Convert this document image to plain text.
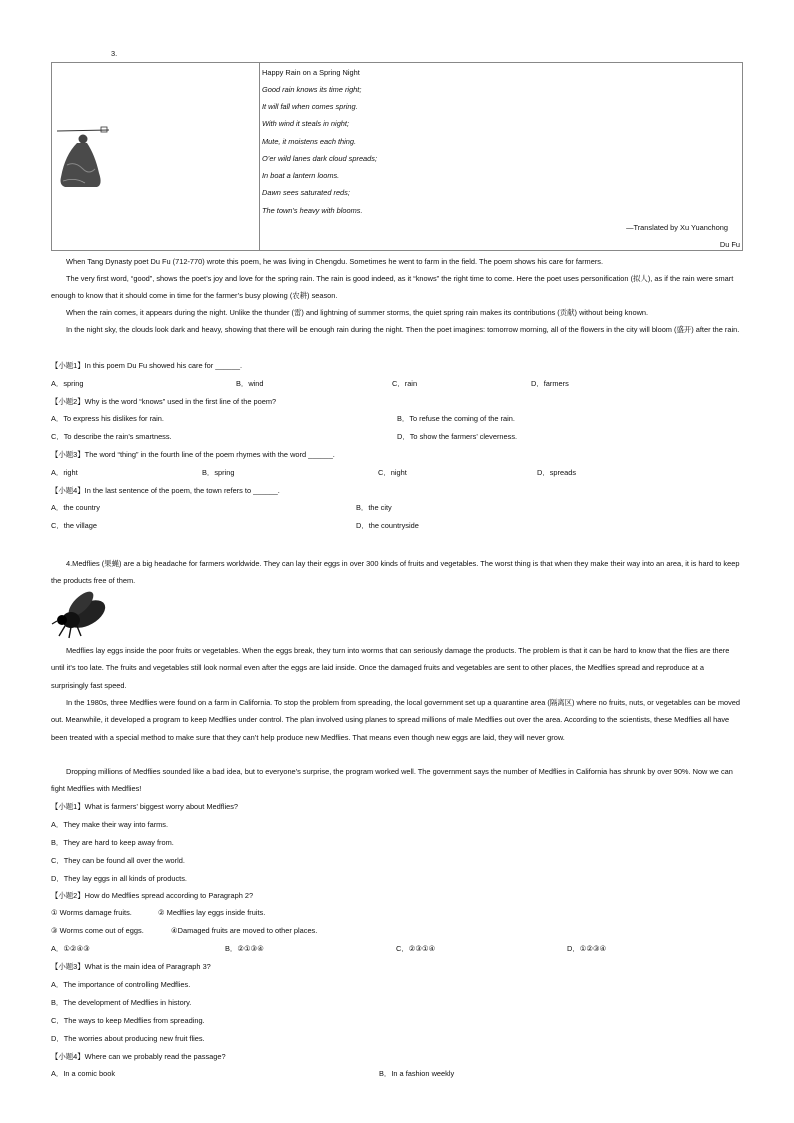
3.
Happy Rain on a Spring Night
Good rain knows its time right;
It will fall when comes spring.
With wind it steals in night;
Mute, it moistens each thing.
O’er wild lanes dark cloud spreads;
In boat a lantern looms.
Dawn sees saturated reds;
The town’s heavy with blooms.
—Translated by Xu Yuanchong
Du Fu
When Tang Dynasty poet Du Fu (712-770) wrote this poem, he was living in Chengdu. Sometimes he went to farm in the field. The poem shows his care for farmers.
The very first word, “good”, shows the poet’s joy and love for the spring rain. The rain is good indeed, as it “knows” the right time to come. Here the poet uses personification (拟人), as if the rain were smart enough to know that it should come in time for the farmer’s busy plowing (农耕) season.
When the rain comes, it appears during the night. Unlike the thunder (雷) and lightning of summer storms, the quiet spring rain makes its contributions (贡献) without being known.
In the night sky, the clouds look dark and heavy, showing that there will be enough rain during the night. Then the poet imagines: tomorrow morning, all of the flowers in the city will bloom (盛开) after the rain.
【小题1】In this poem Du Fu showed his care for ______.
A．spring	B．wind	C．rain	D．farmers
【小题2】Why is the word “knows” used in the first line of the poem?
A．To express his dislikes for rain.	B．To refuse the coming of the rain.
C．To describe the rain’s smartness.	D．To show the farmers’ cleverness.
【小题3】The word “thing” in the fourth line of the poem rhymes with the word ______.
A．right	B．spring	C．night	D．spreads
【小题4】In the last sentence of the poem, the town refers to ______.
A．the country	B．the city
C．the village	D．the countryside
4.Medflies (果蝇) are a big headache for farmers worldwide. They can lay their eggs in over 300 kinds of fruits and vegetables. The worst thing is that when they make their way into an area, it is hard to keep the products free of them.
Medflies lay eggs inside the poor fruits or vegetables. When the eggs break, they turn into worms that can seriously damage the products. The problem is that it can be hard to know that the flies are there until it’s too late. The fruits and vegetables still look normal even after the eggs are laid inside. Once the damaged fruits and vegetables are sent to other places, the Medflies spread and reproduce at a surprisingly fast speed.
In the 1980s, three Medflies were found on a farm in California. To stop the problem from spreading, the local government set up a quarantine area (隔离区) where no fruits, nuts, or vegetables can be moved out. Meanwhile, it developed a program to keep Medflies under control. The plan involved using planes to spread millions of male Medflies out over the area. According to the scientists, these Medflies all have been treated with a special method to make sure that they can’t help produce new Medflies. That means even though new eggs are laid, they will never grow.
Dropping millions of Medflies sounded like a bad idea, but to everyone’s surprise, the program worked well. The government says the number of Medflies in California has shrunk by over 90%. Now we can fight Medflies with Medflies!
【小题1】What is farmers’ biggest worry about Medflies?
A．They make their way into farms.
B．They are hard to keep away from.
C．They can be found all over the world.
D．They lay eggs in all kinds of products.
【小题2】How do Medflies spread according to Paragraph 2?
① Worms damage fruits.	② Medflies lay eggs inside fruits.
③ Worms come out of eggs.	④Damaged fruits are moved to other places.
A．①②④③	B．②①③④	C．②③①④	D．①②③④
【小题3】What is the main idea of Paragraph 3?
A．The importance of controlling Medflies.
B．The development of Medflies in history.
C．The ways to keep Medflies from spreading.
D．The worries about producing new fruit flies.
【小题4】Where can we probably read the passage?
A．In a comic book	B．In a fashion weekly
